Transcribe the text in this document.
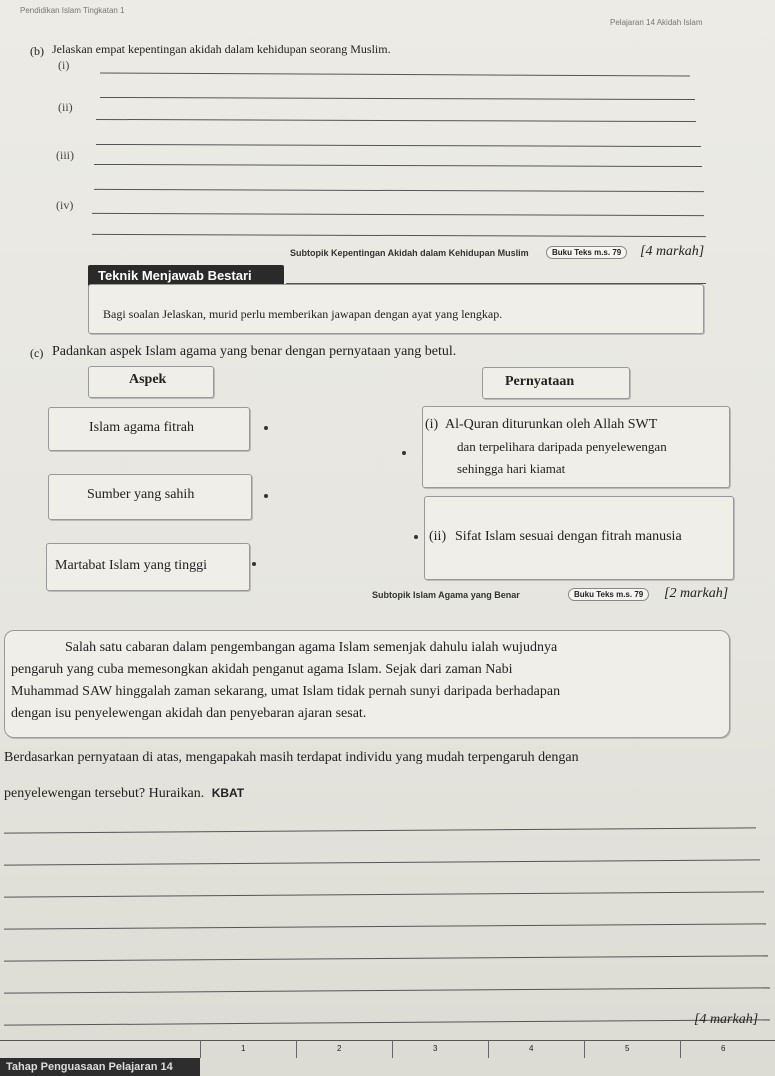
Pendidikan Islam Tingkatan 1
Pelajaran 14 Akidah Islam
(b) Jelaskan empat kepentingan akidah dalam kehidupan seorang Muslim.
(i)
(ii)
(iii)
(iv)
Subtopik Kepentingan Akidah dalam Kehidupan Muslim	Buku Teks m.s. 79	[4 markah]
Teknik Menjawab Bestari
Bagi soalan Jelaskan, murid perlu memberikan jawapan dengan ayat yang lengkap.
(c) Padankan aspek Islam agama yang benar dengan pernyataan yang betul.
Aspek	Pernyataan
Islam agama fitrah
Sumber yang sahih
Martabat Islam yang tinggi
(i) Al-Quran diturunkan oleh Allah SWT
dan terpelihara daripada penyelewengan
sehingga hari kiamat
(ii) Sifat Islam sesuai dengan fitrah manusia
Subtopik Islam Agama yang Benar	Buku Teks m.s. 79	[2 markah]
Salah satu cabaran dalam pengembangan agama Islam semenjak dahulu ialah wujudnya
pengaruh yang cuba memesongkan akidah penganut agama Islam. Sejak dari zaman Nabi
Muhammad SAW hinggalah zaman sekarang, umat Islam tidak pernah sunyi daripada berhadapan
dengan isu penyelewengan akidah dan penyebaran ajaran sesat.
Berdasarkan pernyataan di atas, mengapakah masih terdapat individu yang mudah terpengaruh dengan
penyelewengan tersebut? Huraikan. KBAT
[4 markah]
Tahap Penguasaan Pelajaran 14
1	2	3	4	5	6
